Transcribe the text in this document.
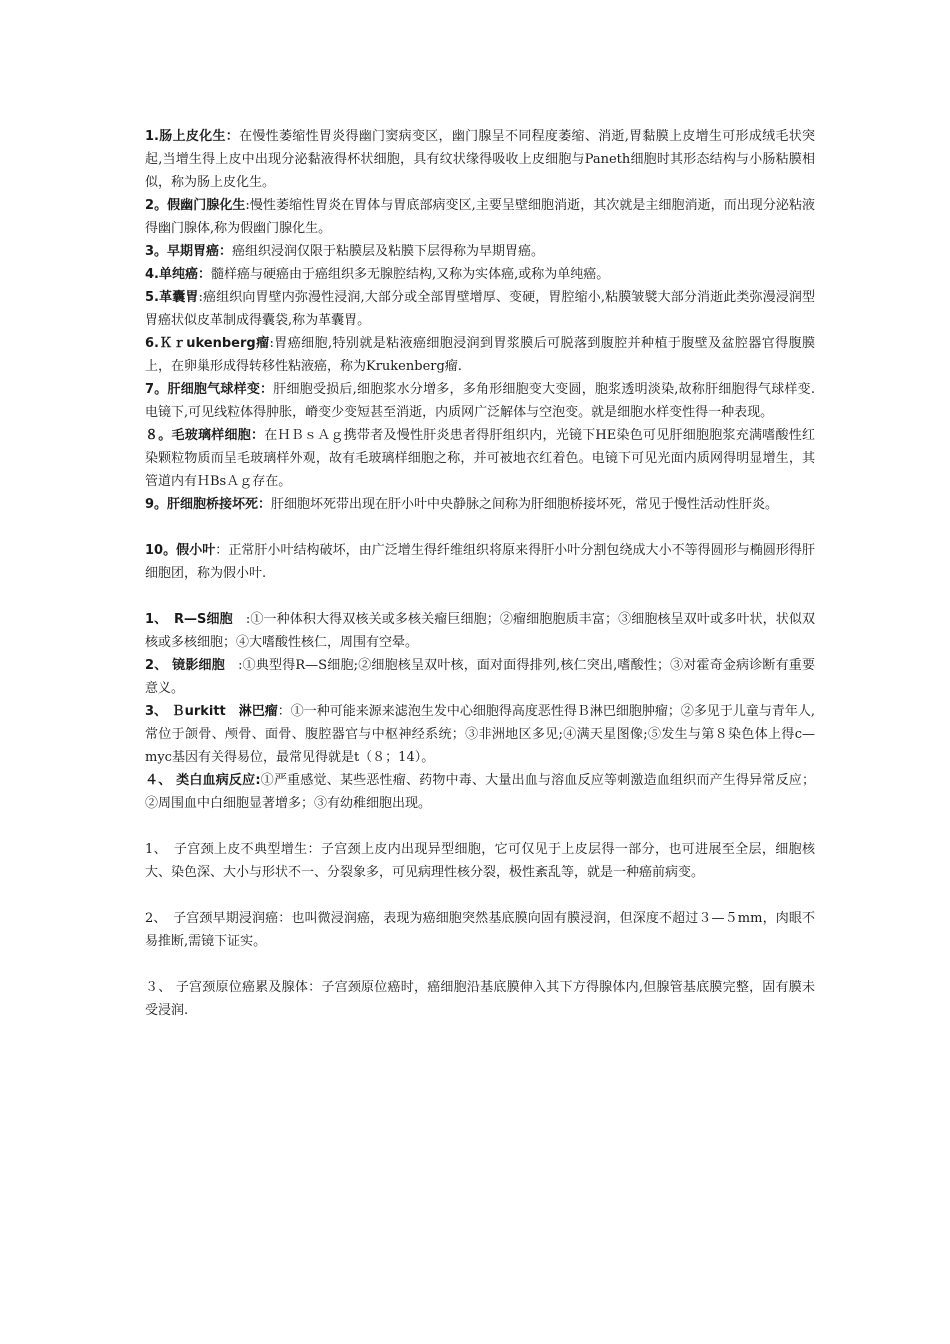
1.肠上皮化生：在慢性萎缩性胃炎得幽门窦病变区，幽门腺呈不同程度萎缩、消逝,胃黏膜上皮增生可形成绒毛状突起,当增生得上皮中出现分泌黏液得杯状细胞，具有纹状缘得吸收上皮细胞与Paneth细胞时其形态结构与小肠粘膜相似，称为肠上皮化生。

2。假幽门腺化生:慢性萎缩性胃炎在胃体与胃底部病变区,主要呈壁细胞消逝，其次就是主细胞消逝，而出现分泌粘液得幽门腺体,称为假幽门腺化生。

3。早期胃癌：癌组织浸润仅限于粘膜层及粘膜下层得称为早期胃癌。

4.单纯癌：髓样癌与硬癌由于癌组织多无腺腔结构,又称为实体癌,或称为单纯癌。

5.革囊胃:癌组织向胃壁内弥漫性浸润,大部分或全部胃壁增厚、变硬，胃腔缩小,粘膜皱襞大部分消逝此类弥漫浸润型胃癌状似皮革制成得囊袋,称为革囊胃。

6.Ｋｒukenberg瘤:胃癌细胞,特别就是粘液癌细胞浸润到胃浆膜后可脱落到腹腔并种植于腹壁及盆腔器官得腹膜上，在卵巢形成得转移性粘液癌，称为Krukenberg瘤.

7。肝细胞气球样变：肝细胞受损后,细胞浆水分增多，多角形细胞变大变圆，胞浆透明淡染,故称肝细胞得气球样变.电镜下,可见线粒体得肿胀，嵴变少变短甚至消逝，内质网广泛解体与空泡变。就是细胞水样变性得一种表现。

８。毛玻璃样细胞：在ＨＢｓＡｇ携带者及慢性肝炎患者得肝组织内，光镜下HE染色可见肝细胞胞浆充满嗜酸性红染颗粒物质而呈毛玻璃样外观，故有毛玻璃样细胞之称，并可被地衣红着色。电镜下可见光面内质网得明显增生，其管道内有ＨBsＡｇ存在。

9。肝细胞桥接坏死：肝细胞坏死带出现在肝小叶中央静脉之间称为肝细胞桥接坏死，常见于慢性活动性肝炎。

10。假小叶：正常肝小叶结构破坏，由广泛增生得纤维组织将原来得肝小叶分割包绕成大小不等得圆形与椭圆形得肝细胞团，称为假小叶.

1、　R—S细胞　:①一种体积大得双核关或多核关瘤巨细胞；②瘤细胞胞质丰富；③细胞核呈双叶或多叶状，状似双核或多核细胞；④大嗜酸性核仁，周围有空晕。

2、 镜影细胞　:①典型得R—S细胞;②细胞核呈双叶核，面对面得排列,核仁突出,嗜酸性；③对霍奇金病诊断有重要意义。

3、 Ｂurkitt　淋巴瘤：①一种可能来源来滤泡生发中心细胞得高度恶性得Ｂ淋巴细胞肿瘤；②多见于儿童与青年人,常位于颌骨、颅骨、面骨、腹腔器官与中枢神经系统；③非洲地区多见;④满天星图像;⑤发生与第８染色体上得c—myc基因有关得易位，最常见得就是t（８；14）。

４、 类白血病反应:①严重感觉、某些恶性瘤、药物中毒、大量出血与溶血反应等刺激造血组织而产生得异常反应；②周围血中白细胞显著增多；③有幼稚细胞出现。

1、　子宫颈上皮不典型增生：子宫颈上皮内出现异型细胞，它可仅见于上皮层得一部分，也可进展至全层，细胞核大、染色深、大小与形状不一、分裂象多，可见病理性核分裂，极性紊乱等，就是一种癌前病变。

2、　子宫颈早期浸润癌：也叫微浸润癌，表现为癌细胞突然基底膜向固有膜浸润，但深度不超过３—５mm，肉眼不易推断,需镜下证实。

３、 子宫颈原位癌累及腺体：子宫颈原位癌时，癌细胞沿基底膜伸入其下方得腺体内,但腺管基底膜完整，固有膜未受浸润.
